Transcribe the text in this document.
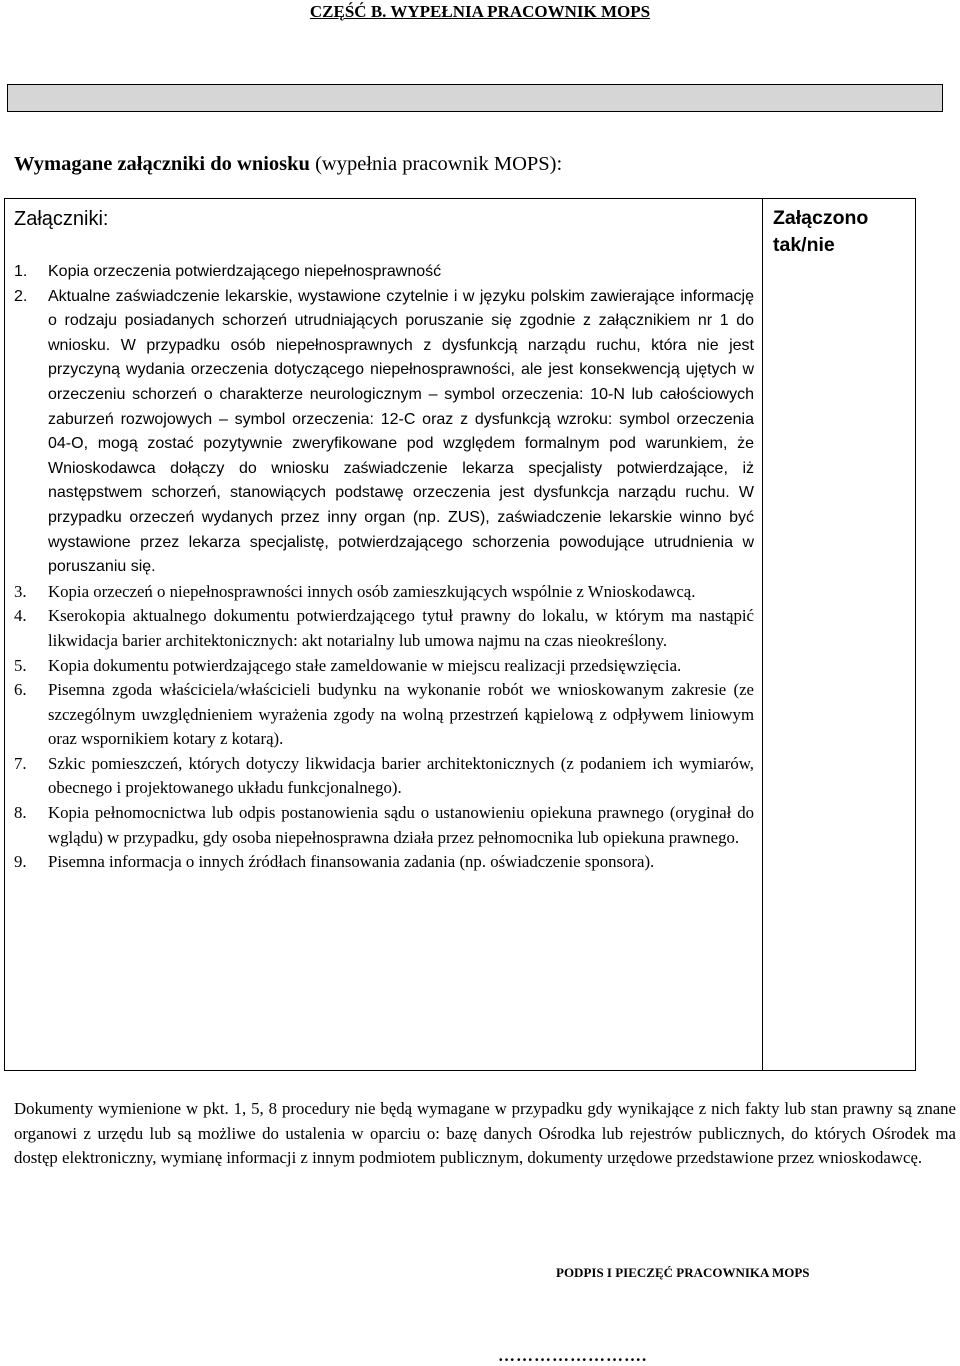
CZĘŚĆ B. WYPEŁNIA PRACOWNIK MOPS
Wymagane załączniki do wniosku (wypełnia pracownik MOPS):
Załączniki:	Załączono
tak/nie
1.	Kopia orzeczenia potwierdzającego niepełnosprawność
2.	Aktualne zaświadczenie lekarskie, wystawione czytelnie i w języku polskim zawierające informację o rodzaju posiadanych schorzeń utrudniających poruszanie się zgodnie z załącznikiem nr 1 do wniosku. W przypadku osób niepełnosprawnych z dysfunkcją narządu ruchu, która nie jest przyczyną wydania orzeczenia dotyczącego niepełnosprawności, ale jest konsekwencją ujętych w orzeczeniu schorzeń o charakterze neurologicznym – symbol orzeczenia: 10-N lub całościowych zaburzeń rozwojowych – symbol orzeczenia: 12-C oraz z dysfunkcją wzroku: symbol orzeczenia 04-O, mogą zostać pozytywnie zweryfikowane pod względem formalnym pod warunkiem, że Wnioskodawca dołączy do wniosku zaświadczenie lekarza specjalisty potwierdzające, iż następstwem schorzeń, stanowiących podstawę orzeczenia jest dysfunkcja narządu ruchu. W przypadku orzeczeń wydanych przez inny organ (np. ZUS), zaświadczenie lekarskie winno być wystawione przez lekarza specjalistę, potwierdzającego schorzenia powodujące utrudnienia w poruszaniu się.
3.	Kopia orzeczeń o niepełnosprawności innych osób zamieszkujących wspólnie z Wnioskodawcą.
4.	Kserokopia aktualnego dokumentu potwierdzającego tytuł prawny do lokalu, w którym ma nastąpić likwidacja barier architektonicznych: akt notarialny lub umowa najmu na czas nieokreślony.
5.	Kopia dokumentu potwierdzającego stałe zameldowanie w miejscu realizacji przedsięwzięcia.
6.	Pisemna zgoda właściciela/właścicieli budynku na wykonanie robót we wnioskowanym zakresie (ze szczególnym uwzględnieniem wyrażenia zgody na wolną przestrzeń kąpielową z odpływem liniowym oraz wspornikiem kotary z kotarą).
7.	Szkic pomieszczeń, których dotyczy likwidacja barier architektonicznych (z podaniem ich wymiarów, obecnego i projektowanego układu funkcjonalnego).
8.	Kopia pełnomocnictwa lub odpis postanowienia sądu o ustanowieniu opiekuna prawnego (oryginał do wglądu) w przypadku, gdy osoba niepełnosprawna działa przez pełnomocnika lub opiekuna prawnego.
9.	Pisemna informacja o innych źródłach finansowania zadania (np. oświadczenie sponsora).
Dokumenty wymienione w pkt. 1, 5, 8 procedury nie będą wymagane w przypadku gdy wynikające z nich fakty lub stan prawny są znane organowi z urzędu lub są możliwe do ustalenia w oparciu o: bazę danych Ośrodka lub rejestrów publicznych, do których Ośrodek ma dostęp elektroniczny, wymianę informacji z innym podmiotem publicznym, dokumenty urzędowe przedstawione przez wnioskodawcę.
PODPIS I PIECZĘĆ PRACOWNIKA MOPS
…………………….
